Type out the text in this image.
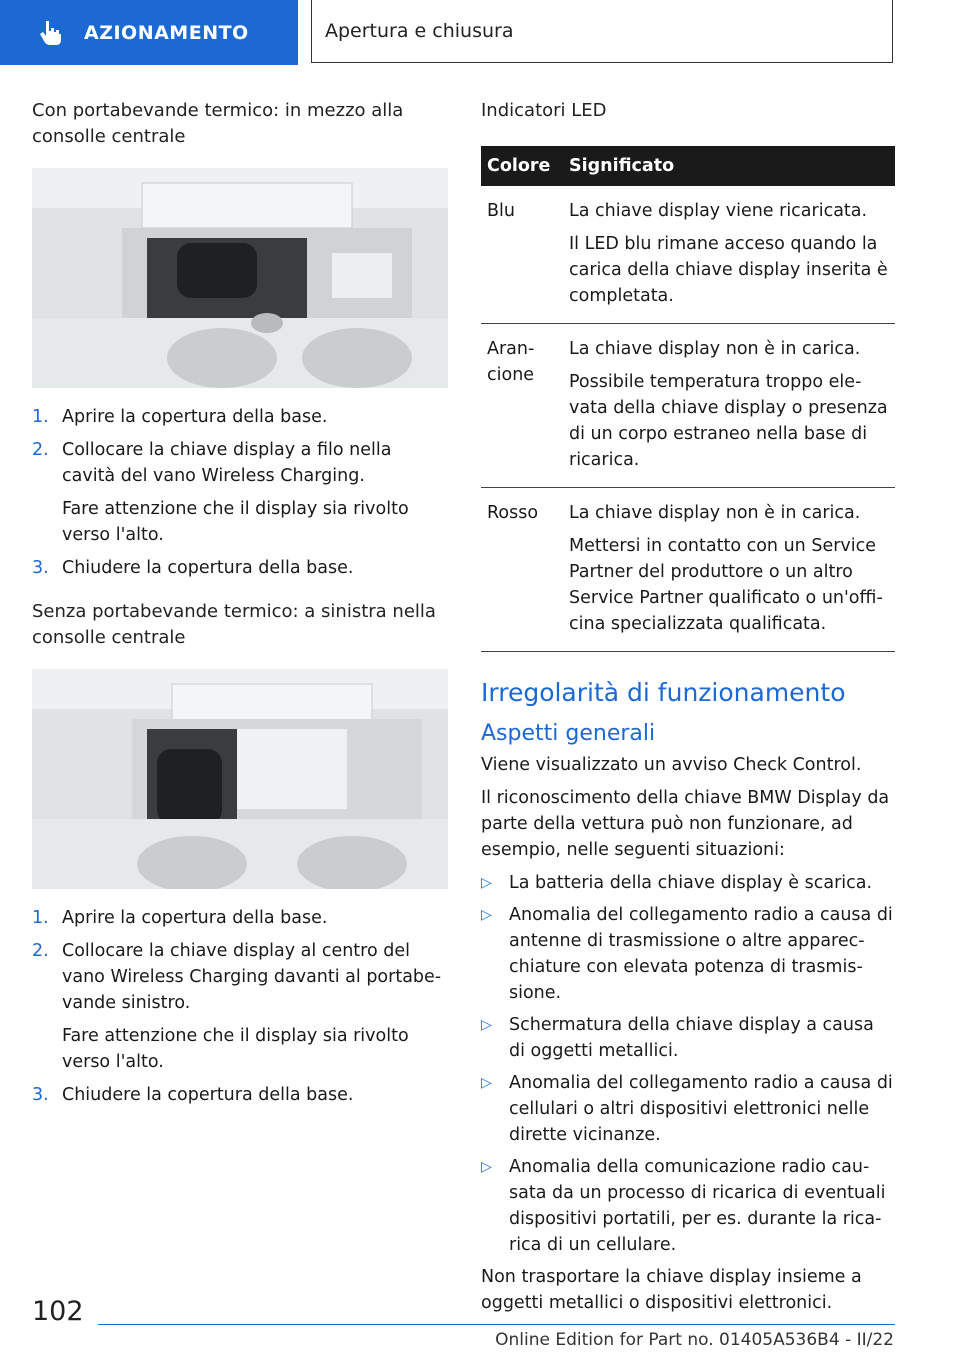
AZIONAMENTO	Apertura e chiusura

Con portabevande termico: in mezzo alla consolle centrale

1. Aprire la copertura della base.
2. Collocare la chiave display a filo nella cavità del vano Wireless Charging.
Fare attenzione che il display sia rivolto verso l'alto.
3. Chiudere la copertura della base.

Senza portabevande termico: a sinistra nella consolle centrale

1. Aprire la copertura della base.
2. Collocare la chiave display al centro del vano Wireless Charging davanti al portabevande sinistro.
Fare attenzione che il display sia rivolto verso l'alto.
3. Chiudere la copertura della base.

Indicatori LED

Colore	Significato
Blu	La chiave display viene ricaricata.

Il LED blu rimane acceso quando la carica della chiave display inserita è completata.

Arancione	La chiave display non è in carica.

Possibile temperatura troppo elevata della chiave display o presenza di un corpo estraneo nella base di ricarica.

Rosso	La chiave display non è in carica.

Mettersi in contatto con un Service Partner del produttore o un altro Service Partner qualificato o un'officina specializzata qualificata.

Irregolarità di funzionamento
Aspetti generali

Viene visualizzato un avviso Check Control.

Il riconoscimento della chiave BMW Display da parte della vettura può non funzionare, ad esempio, nelle seguenti situazioni:

▷ La batteria della chiave display è scarica.
▷ Anomalia del collegamento radio a causa di antenne di trasmissione o altre apparecchiature con elevata potenza di trasmissione.
▷ Schermatura della chiave display a causa di oggetti metallici.
▷ Anomalia del collegamento radio a causa di cellulari o altri dispositivi elettronici nelle dirette vicinanze.
▷ Anomalia della comunicazione radio causata da un processo di ricarica di eventuali dispositivi portatili, per es. durante la ricarica di un cellulare.

Non trasportare la chiave display insieme a oggetti metallici o dispositivi elettronici.

102
Online Edition for Part no. 01405A536B4 - II/22
